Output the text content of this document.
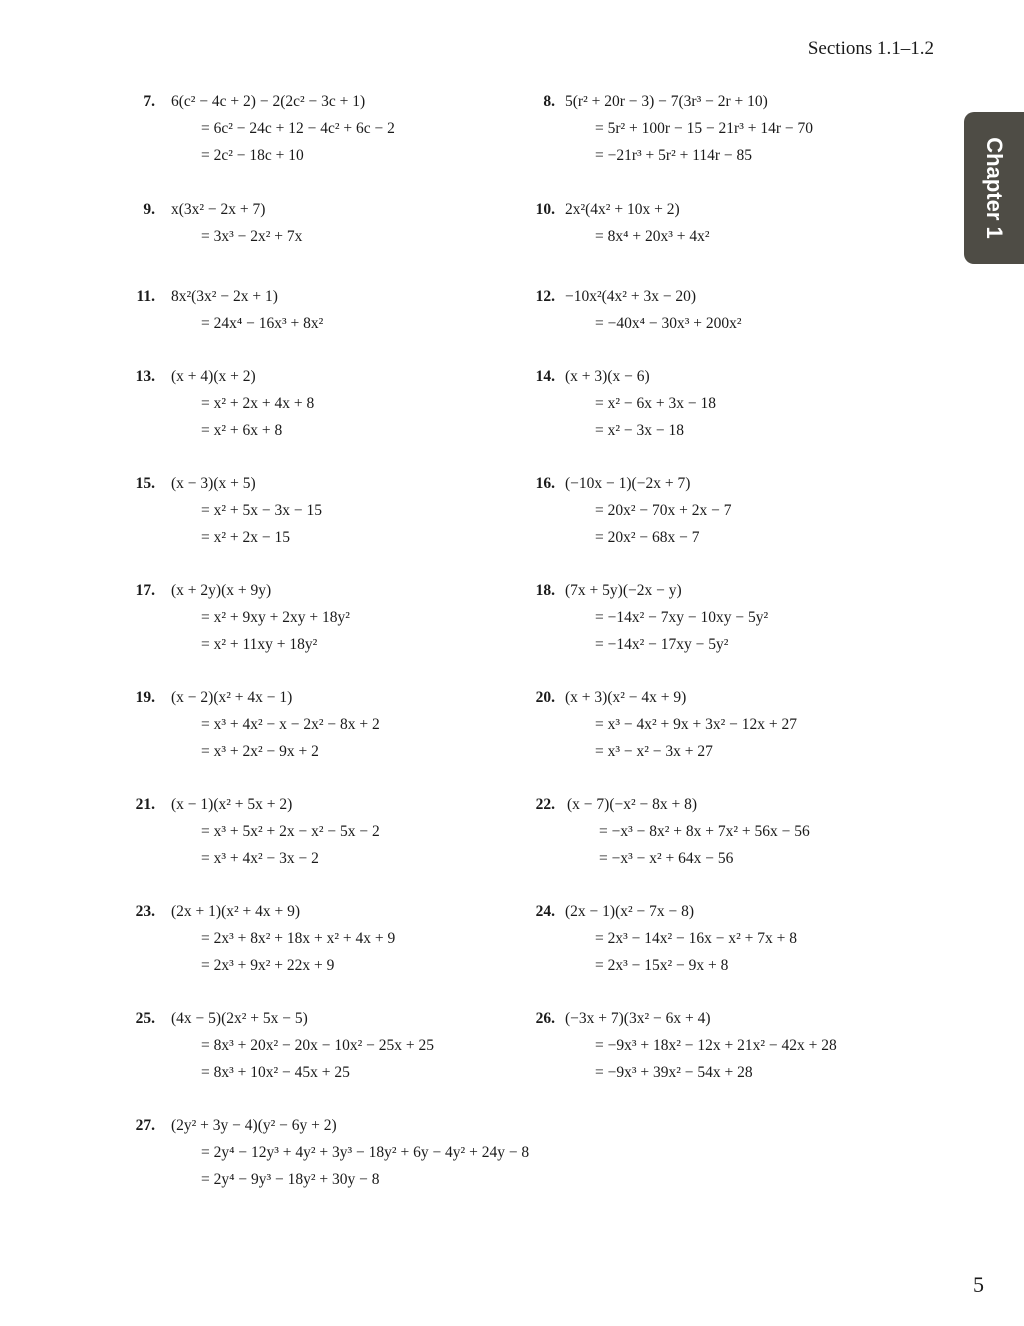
Sections 1.1–1.2
Chapter 1
5
7.	6(c² − 4c + 2) − 2(2c² − 3c + 1)
= 6c² − 24c + 12 − 4c² + 6c − 2
= 2c² − 18c + 10
8. 5(r² + 20r − 3) − 7(3r³ − 2r + 10)
= 5r² + 100r − 15 − 21r³ + 14r − 70
= −21r³ + 5r² + 114r − 85
9.	x(3x² − 2x + 7)
= 3x³ − 2x² + 7x
10. 2x²(4x² + 10x + 2)
= 8x⁴ + 20x³ + 4x²
11.	8x²(3x² − 2x + 1)
= 24x⁴ − 16x³ + 8x²
12. −10x²(4x² + 3x − 20)
= −40x⁴ − 30x³ + 200x²
13.	(x + 4)(x + 2)
= x² + 2x + 4x + 8
= x² + 6x + 8
14. (x + 3)(x − 6)
= x² − 6x + 3x − 18
= x² − 3x − 18
15.	(x − 3)(x + 5)
= x² + 5x − 3x − 15
= x² + 2x − 15
16. (−10x − 1)(−2x + 7)
= 20x² − 70x + 2x − 7
= 20x² − 68x − 7
17.	(x + 2y)(x + 9y)
= x² + 9xy + 2xy + 18y²
= x² + 11xy + 18y²
18. (7x + 5y)(−2x − y)
= −14x² − 7xy − 10xy − 5y²
= −14x² − 17xy − 5y²
19.	(x − 2)(x² + 4x − 1)
= x³ + 4x² − x − 2x² − 8x + 2
= x³ + 2x² − 9x + 2
20. (x + 3)(x² − 4x + 9)
= x³ − 4x² + 9x + 3x² − 12x + 27
= x³ − x² − 3x + 27
21.	(x − 1)(x² + 5x + 2)
= x³ + 5x² + 2x − x² − 5x − 2
= x³ + 4x² − 3x − 2
22. (x − 7)(−x² − 8x + 8)
= −x³ − 8x² + 8x + 7x² + 56x − 56
= −x³ − x² + 64x − 56
23.	(2x + 1)(x² + 4x + 9)
= 2x³ + 8x² + 18x + x² + 4x + 9
= 2x³ + 9x² + 22x + 9
24. (2x − 1)(x² − 7x − 8)
= 2x³ − 14x² − 16x − x² + 7x + 8
= 2x³ − 15x² − 9x + 8
25.	(4x − 5)(2x² + 5x − 5)
= 8x³ + 20x² − 20x − 10x² − 25x + 25
= 8x³ + 10x² − 45x + 25
26. (−3x + 7)(3x² − 6x + 4)
= −9x³ + 18x² − 12x + 21x² − 42x + 28
= −9x³ + 39x² − 54x + 28
27.	(2y² + 3y − 4)(y² − 6y + 2)
= 2y⁴ − 12y³ + 4y² + 3y³ − 18y² + 6y − 4y² + 24y − 8
= 2y⁴ − 9y³ − 18y² + 30y − 8
